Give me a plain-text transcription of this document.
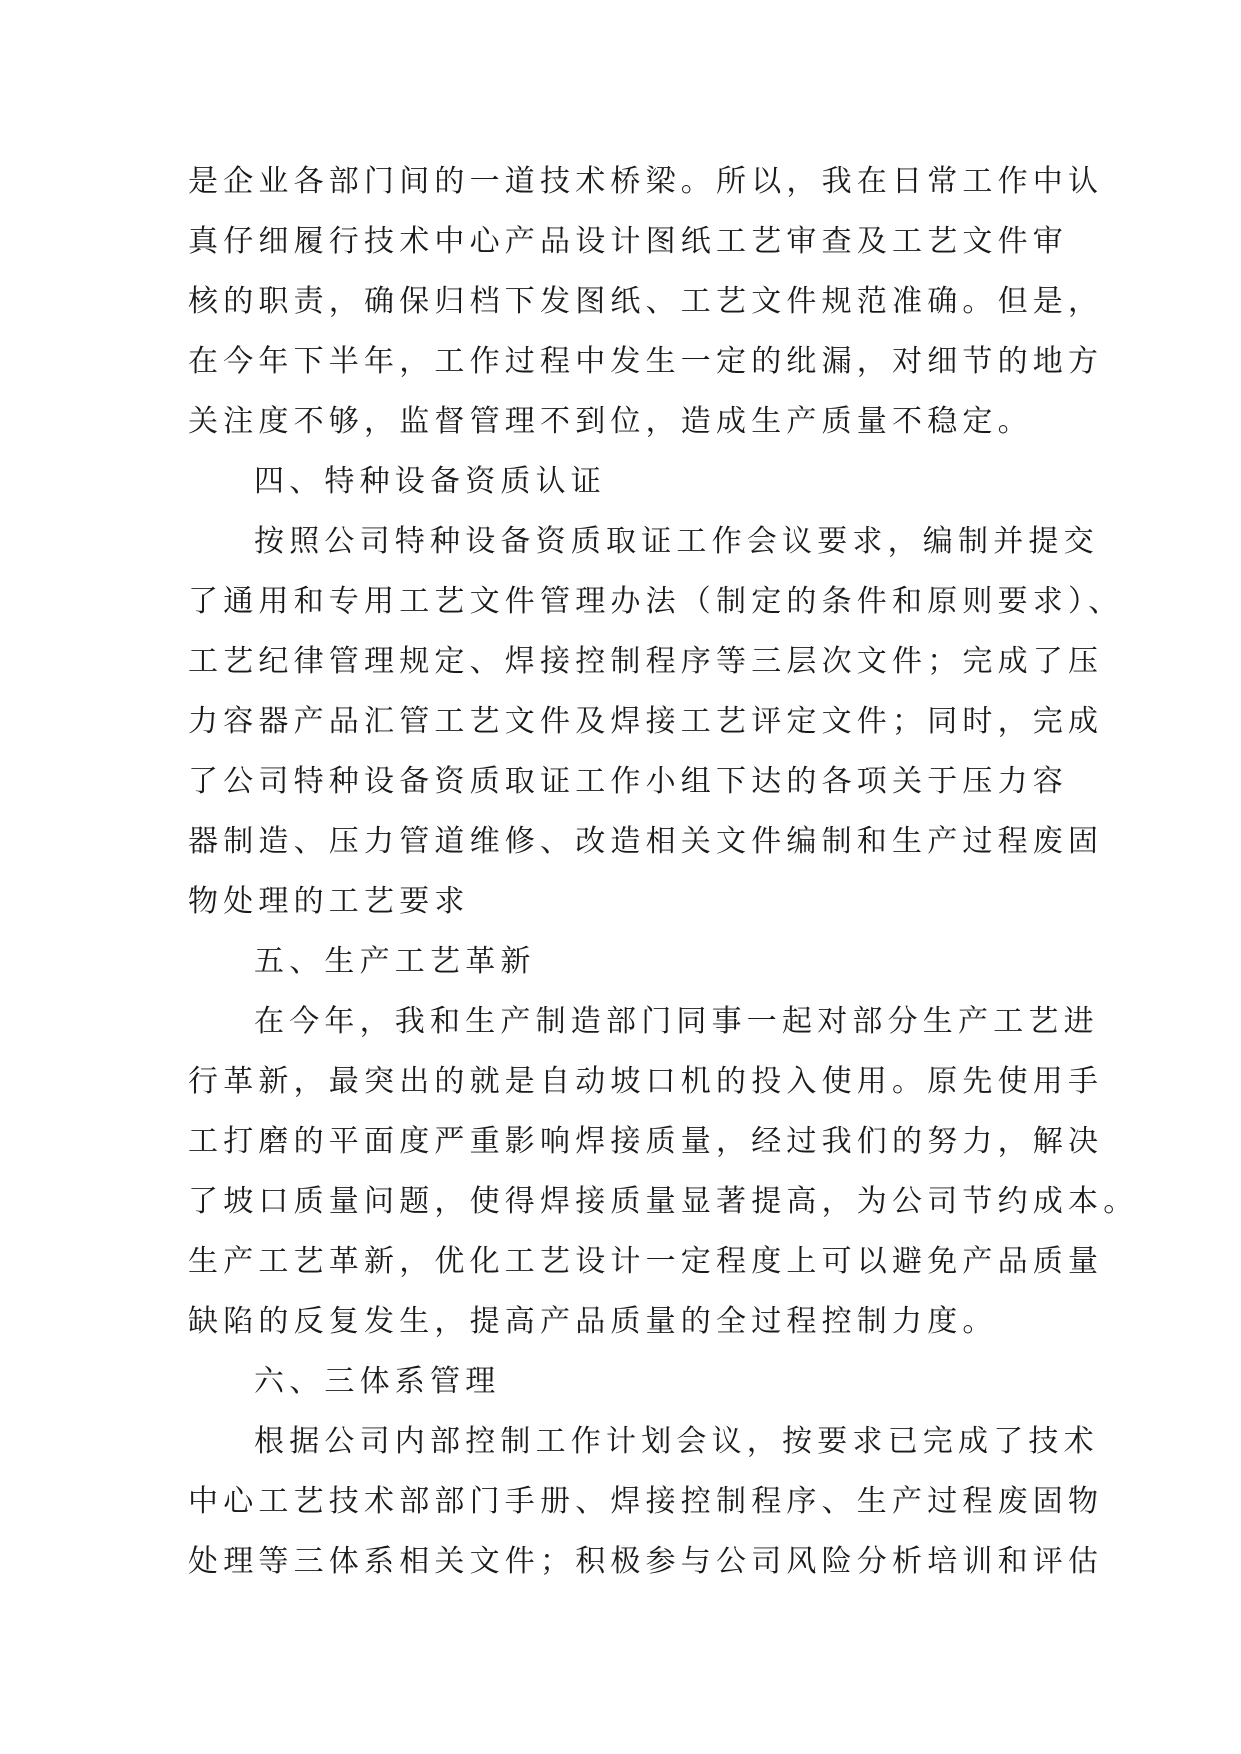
是企业各部门间的一道技术桥梁。所以，我在日常工作中认
真仔细履行技术中心产品设计图纸工艺审查及工艺文件审
核的职责，确保归档下发图纸、工艺文件规范准确。但是，
在今年下半年，工作过程中发生一定的纰漏，对细节的地方
关注度不够，监督管理不到位，造成生产质量不稳定。
四、特种设备资质认证
按照公司特种设备资质取证工作会议要求，编制并提交
了通用和专用工艺文件管理办法（制定的条件和原则要求）、
工艺纪律管理规定、焊接控制程序等三层次文件；完成了压
力容器产品汇管工艺文件及焊接工艺评定文件；同时，完成
了公司特种设备资质取证工作小组下达的各项关于压力容
器制造、压力管道维修、改造相关文件编制和生产过程废固
物处理的工艺要求
五、生产工艺革新
在今年，我和生产制造部门同事一起对部分生产工艺进
行革新，最突出的就是自动坡口机的投入使用。原先使用手
工打磨的平面度严重影响焊接质量，经过我们的努力，解决
了坡口质量问题，使得焊接质量显著提高，为公司节约成本。
生产工艺革新，优化工艺设计一定程度上可以避免产品质量
缺陷的反复发生，提高产品质量的全过程控制力度。
六、三体系管理
根据公司内部控制工作计划会议，按要求已完成了技术
中心工艺技术部部门手册、焊接控制程序、生产过程废固物
处理等三体系相关文件；积极参与公司风险分析培训和评估
